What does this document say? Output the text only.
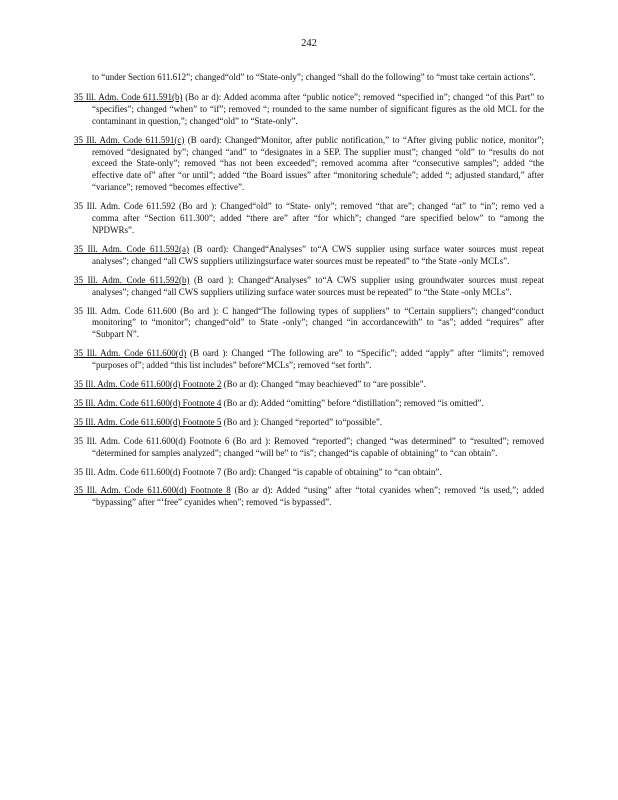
242
to “under Section 611.612”; changed“old” to “State-only”; changed “shall do the following” to “must take certain actions”.
35 Ill. Adm. Code 611.591(b) (Bo ar d): Added acomma after “public notice”; removed “specified in”; changed “of this Part” to “specifies”; changed “when” to “if”; removed “; rounded to the same number of significant figures as the old MCL for the contaminant in question,”; changed“old” to “State-only”.
35 Ill. Adm. Code 611.591(c) (B oard): Changed“Monitor, after public notification,” to “After giving public notice, monitor”; removed “designated by”; changed “and” to “designates in a SEP. The supplier must”; changed “old” to “results do not exceed the State-only”; removed “has not been exceeded”; removed acomma after “consecutive samples”; added “the effective date of” after “or until”; added “the Board issues” after “monitoring schedule”; added “; adjusted standard,” after “variance”; removed “becomes effective”.
35 Ill. Adm. Code 611.592 (Bo ard ): Changed“old” to “State- only”; removed “that are”; changed “at” to “in”; remo ved a comma after “Section 611.300”; added “there are” after “for which”; changed “are specified below” to “among the NPDWRs”.
35 Ill. Adm. Code 611.592(a) (B oard): Changed“Analyses” to“A CWS supplier using surface water sources must repeat analyses”; changed “all CWS suppliers utilizingsurface water sources must be repeated” to “the State -only MCLs”.
35 Ill. Adm. Code 611.592(b) (B oard ): Changed“Analyses” to“A CWS supplier using groundwater sources must repeat analyses”; changed “all CWS suppliers utilizing surface water sources must be repeated” to “the State -only MCLs”.
35 Ill. Adm. Code 611.600 (Bo ard ): C hanged“The following types of suppliers” to “Certain suppliers”; changed“conduct monitoring” to “monitor”; changed“old” to State -only”; changed “in accordancewith” to “as”; added “requires” after “Subpart N”.
35 Ill. Adm. Code 611.600(d) (B oard ): Changed “The following are” to “Specific”; added “apply” after “limits”; removed “purposes of”; added “this list includes” before“MCLs”; removed “set forth”.
35 Ill. Adm. Code 611.600(d) Footnote 2 (Bo ar d): Changed “may beachieved” to “are possible”.
35 Ill. Adm. Code 611.600(d) Footnote 4 (Bo ar d): Added “omitting” before “distillation”; removed “is omitted”.
35 Ill. Adm. Code 611.600(d) Footnote 5 (Bo ard ): Changed “reported” to“possible”.
35 Ill. Adm. Code 611.600(d) Footnote 6 (Bo ard ): Removed “reported”; changed “was determined” to “resulted”; removed “determined for samples analyzed”; changed “will be” to “is”; changed“is capable of obtaining” to “can obtain”.
35 Ill. Adm. Code 611.600(d) Footnote 7 (Bo ard): Changed “is capable of obtaining” to “can obtain”.
35 Ill. Adm. Code 611.600(d) Footnote 8 (Bo ar d): Added “using” after “total cyanides when”; removed “is used,”; added “bypassing” after “‘free” cyanides when”; removed “is bypassed”.
